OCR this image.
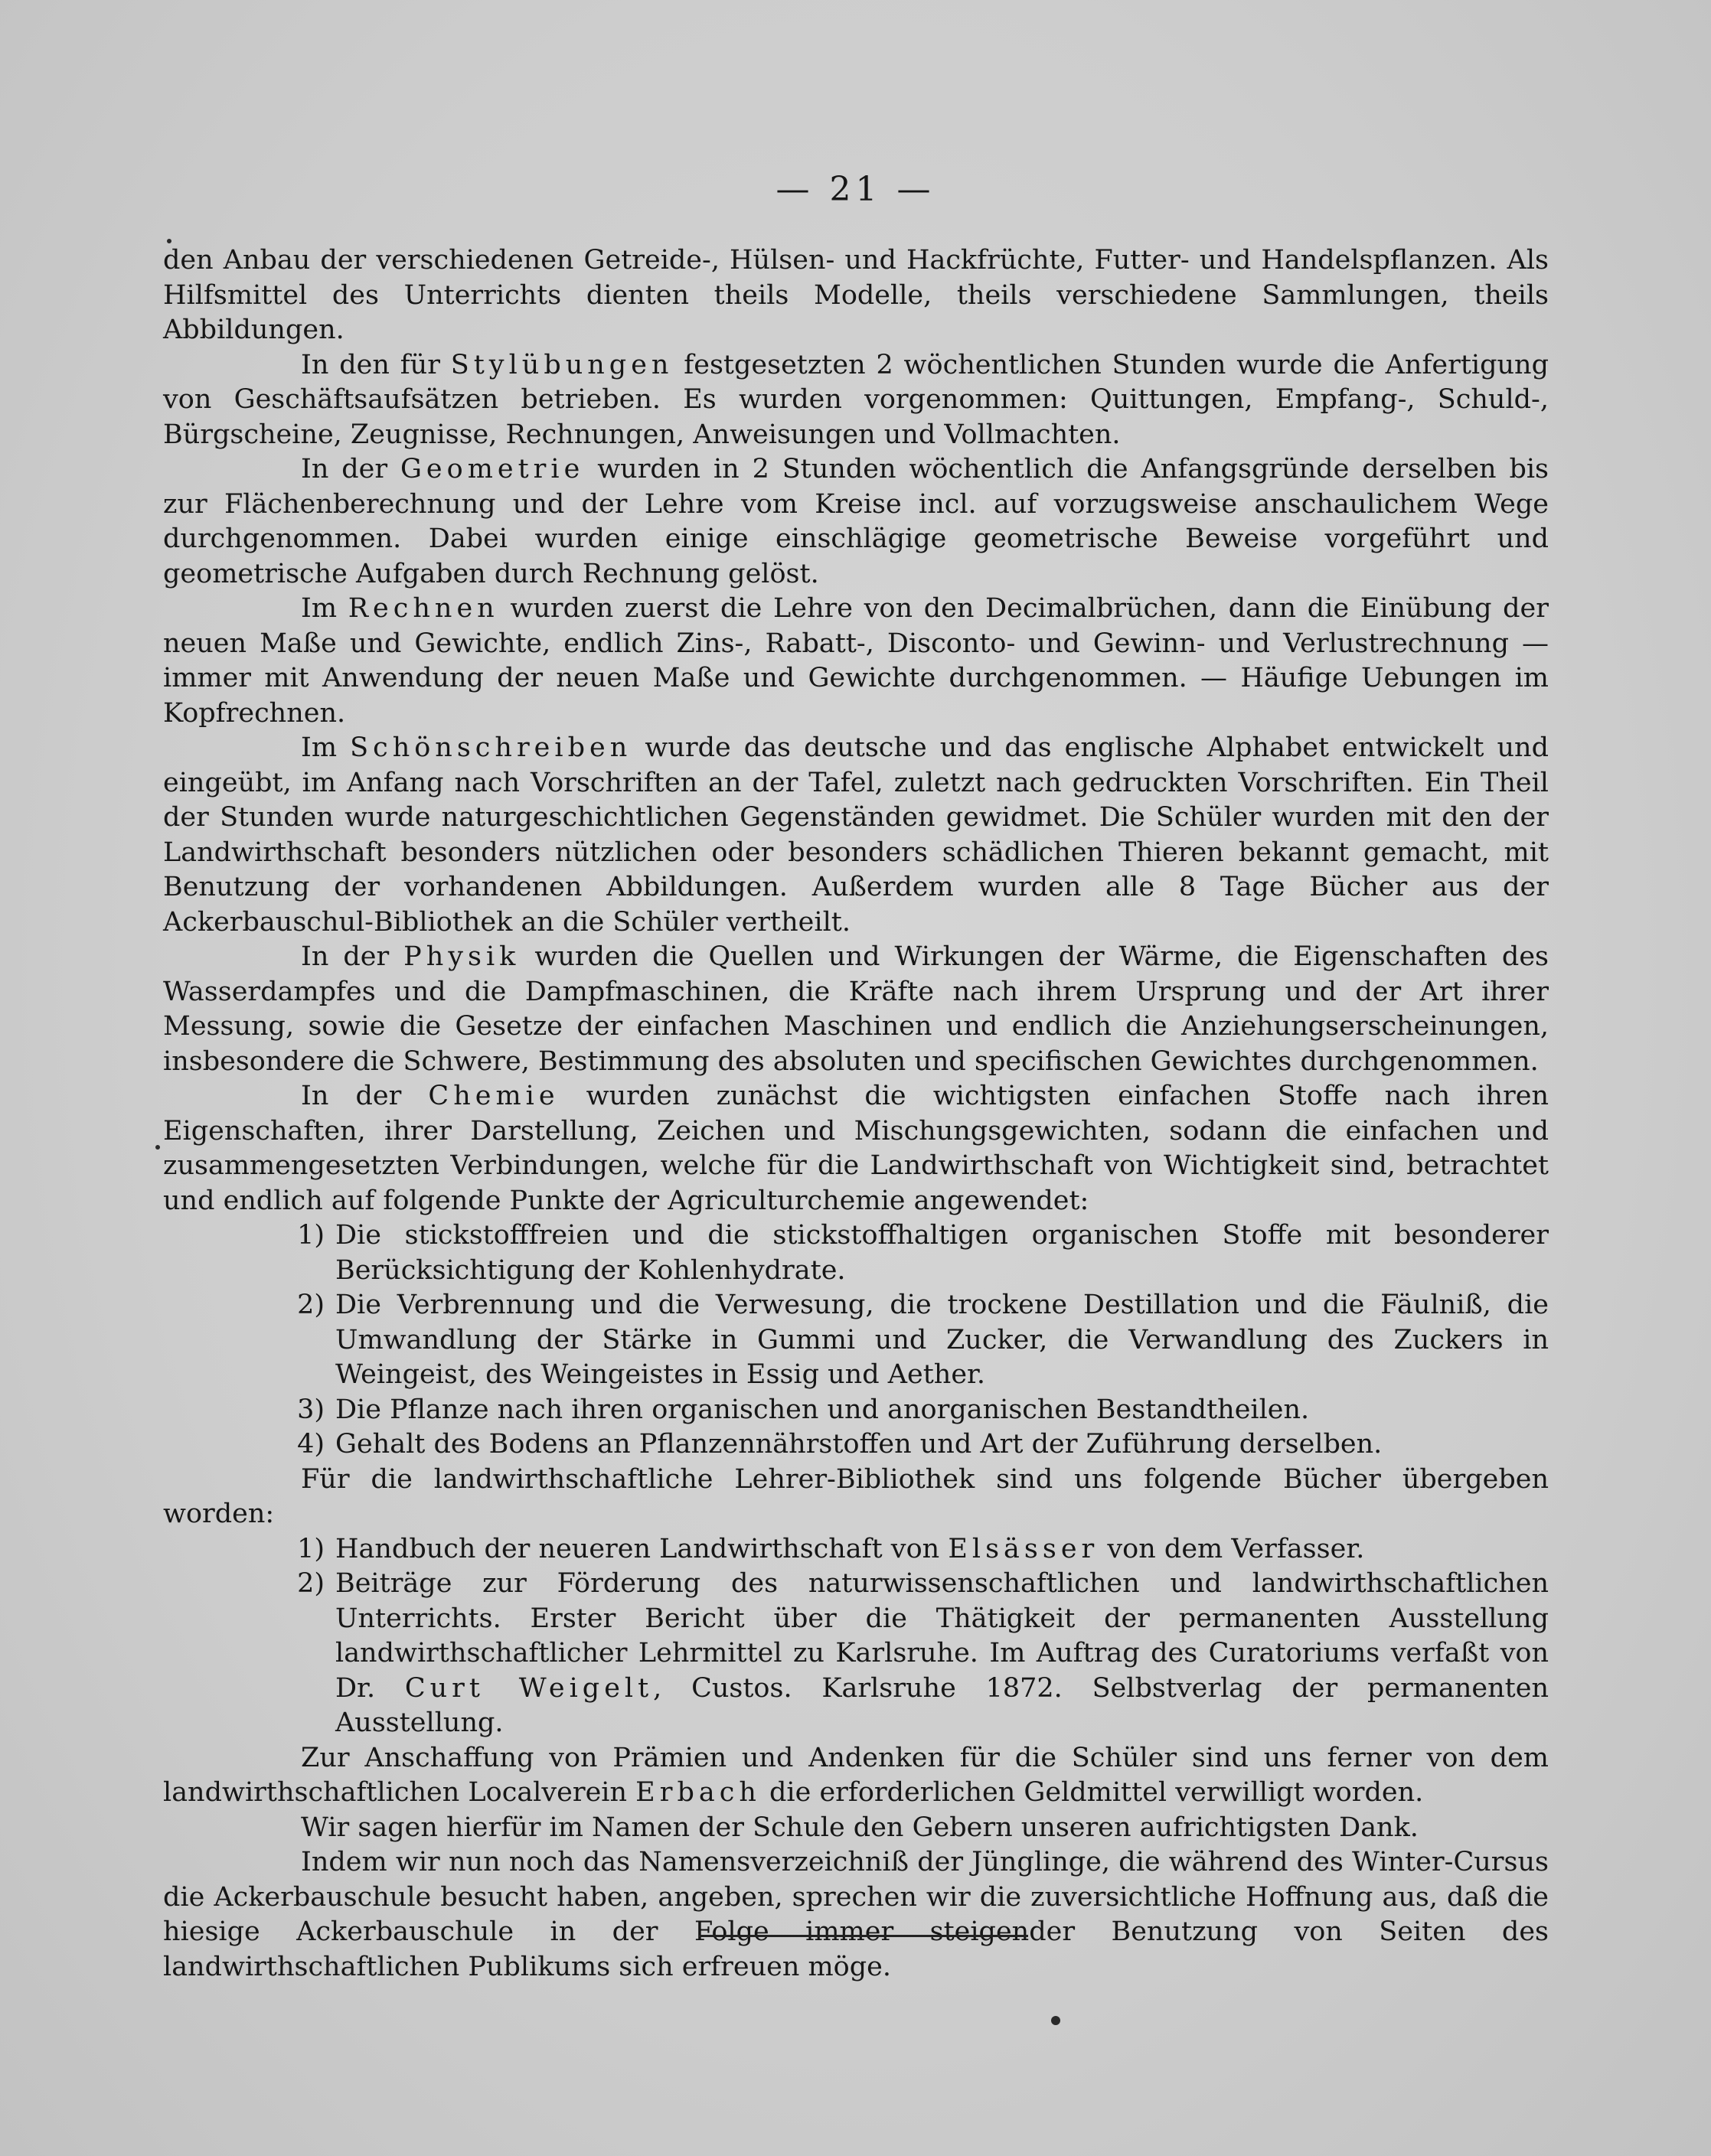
— 21 —

den Anbau der verschiedenen Getreide-, Hülsen- und Hackfrüchte, Futter- und Handelspflanzen. Als Hilfsmittel des Unterrichts dienten theils Modelle, theils verschiedene Sammlungen, theils Abbildungen.

In den für Stylübungen festgesetzten 2 wöchentlichen Stunden wurde die Anfertigung von Geschäftsaufsätzen betrieben. Es wurden vorgenommen: Quittungen, Empfang-, Schuld-, Bürgscheine, Zeugnisse, Rechnungen, Anweisungen und Vollmachten.

In der Geometrie wurden in 2 Stunden wöchentlich die Anfangsgründe derselben bis zur Flächenberechnung und der Lehre vom Kreise incl. auf vorzugsweise anschaulichem Wege durchgenommen. Dabei wurden einige einschlägige geometrische Beweise vorgeführt und geometrische Aufgaben durch Rechnung gelöst.

Im Rechnen wurden zuerst die Lehre von den Decimalbrüchen, dann die Einübung der neuen Maße und Gewichte, endlich Zins-, Rabatt-, Disconto- und Gewinn- und Verlustrechnung — immer mit Anwendung der neuen Maße und Gewichte durchgenommen. — Häufige Uebungen im Kopfrechnen.

Im Schönschreiben wurde das deutsche und das englische Alphabet entwickelt und eingeübt, im Anfang nach Vorschriften an der Tafel, zuletzt nach gedruckten Vorschriften. Ein Theil der Stunden wurde naturgeschichtlichen Gegenständen gewidmet. Die Schüler wurden mit den der Landwirthschaft besonders nützlichen oder besonders schädlichen Thieren bekannt gemacht, mit Benutzung der vorhandenen Abbildungen. Außerdem wurden alle 8 Tage Bücher aus der Ackerbauschul-Bibliothek an die Schüler vertheilt.

In der Physik wurden die Quellen und Wirkungen der Wärme, die Eigenschaften des Wasserdampfes und die Dampfmaschinen, die Kräfte nach ihrem Ursprung und der Art ihrer Messung, sowie die Gesetze der einfachen Maschinen und endlich die Anziehungserscheinungen, insbesondere die Schwere, Bestimmung des absoluten und specifischen Gewichtes durchgenommen.

In der Chemie wurden zunächst die wichtigsten einfachen Stoffe nach ihren Eigenschaften, ihrer Darstellung, Zeichen und Mischungsgewichten, sodann die einfachen und zusammengesetzten Verbindungen, welche für die Landwirthschaft von Wichtigkeit sind, betrachtet und endlich auf folgende Punkte der Agriculturchemie angewendet:

1) Die stickstofffreien und die stickstoffhaltigen organischen Stoffe mit besonderer Berücksichtigung der Kohlenhydrate.
2) Die Verbrennung und die Verwesung, die trockene Destillation und die Fäulniß, die Umwandlung der Stärke in Gummi und Zucker, die Verwandlung des Zuckers in Weingeist, des Weingeistes in Essig und Aether.
3) Die Pflanze nach ihren organischen und anorganischen Bestandtheilen.
4) Gehalt des Bodens an Pflanzennährstoffen und Art der Zuführung derselben.

Für die landwirthschaftliche Lehrer-Bibliothek sind uns folgende Bücher übergeben worden:

1) Handbuch der neueren Landwirthschaft von Elsässer von dem Verfasser.
2) Beiträge zur Förderung des naturwissenschaftlichen und landwirthschaftlichen Unterrichts. Erster Bericht über die Thätigkeit der permanenten Ausstellung landwirthschaftlicher Lehrmittel zu Karlsruhe. Im Auftrag des Curatoriums verfaßt von Dr. Curt Weigelt, Custos. Karlsruhe 1872. Selbstverlag der permanenten Ausstellung.

Zur Anschaffung von Prämien und Andenken für die Schüler sind uns ferner von dem landwirthschaftlichen Localverein Erbach die erforderlichen Geldmittel verwilligt worden.

Wir sagen hierfür im Namen der Schule den Gebern unseren aufrichtigsten Dank.

Indem wir nun noch das Namensverzeichniß der Jünglinge, die während des Winter-Cursus die Ackerbauschule besucht haben, angeben, sprechen wir die zuversichtliche Hoffnung aus, daß die hiesige Ackerbauschule in der Folge immer steigender Benutzung von Seiten des landwirthschaftlichen Publikums sich erfreuen möge.
